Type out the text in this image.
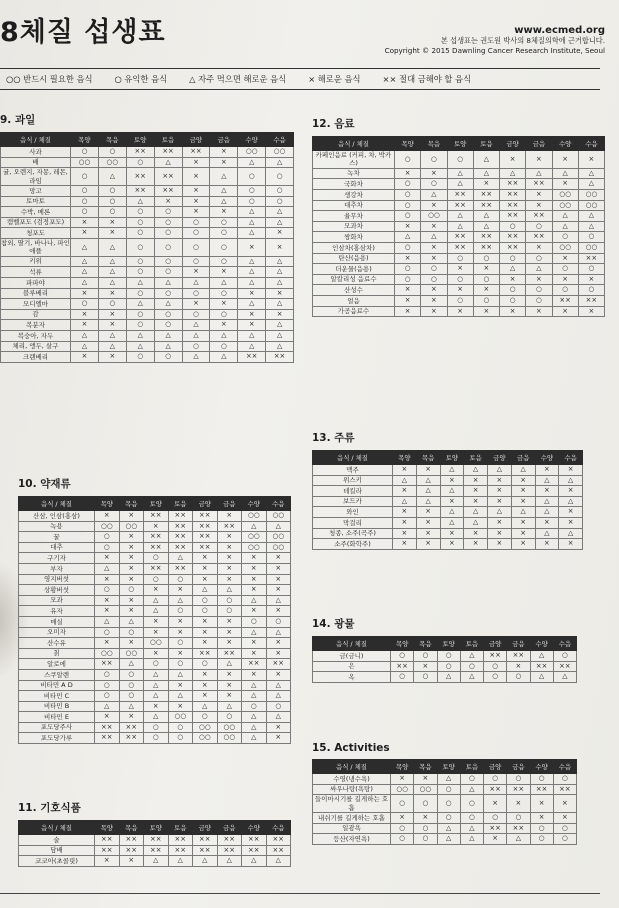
8체질 섭생표	www.ecmed.org
본 섭생표는 권도원 박사의 8체질의학에 근거합니다.
Copyright © 2015 Dawnling Cancer Research Institute, Seoul
○○ 반드시 필요한 음식	○ 유익한 음식	△ 자주 먹으면 해로운 음식	× 해로운 음식	×× 절대 금해야 할 음식
9. 과일
음식 / 체질	목양	목음	토양	토음	금양	금음	수양	수음
사과	○	○	××	××	××	×	○○	○○
배	○○	○○	○	△	×	×	△	△
귤, 오렌지, 자몽, 레몬, 라임	○	△	××	××	×	△	○	○
망고	○	○	××	××	×	△	○	○
토마토	○	○	△	×	×	△	○	○
수박, 메론	○	○	○	○	×	×	△	△
캠벨포도 (검정포도)	×	×	○	○	○	○	△	△
청포도	×	×	○	○	○	○	△	×
참외, 딸기, 바나나, 파인애플	△	△	○	○	○	○	×	×
키위	△	△	○	○	○	○	△	△
석류	△	△	○	○	×	×	△	△
파파야	△	△	△	△	△	△	△	△
블루베리	×	×	○	○	○	○	×	×
모디엘마	○	○	△	△	×	×	△	△
감	×	×	○	○	○	○	×	×
복분자	×	×	○	○	△	×	×	△
복숭아, 자두	△	△	△	△	△	△	△	△
체리, 앵두, 살구	△	△	△	△	○	○	△	△
크랜베리	×	×	○	○	△	△	××	××
10. 약재류
음식 / 체질	목양	목음	토양	토음	금양	금음	수양	수음
산삼, 인삼(홍삼)	×	×	××	××	××	×	○○	○○
녹용	○○	○○	×	××	××	××	△	△
꿀	○	×	××	××	××	×	○○	○○
대추	○	×	××	××	××	×	○○	○○
구기자	×	×	○	△	×	×	×	×
부자	△	×	××	××	×	×	×	×
영지버섯	×	×	○	○	×	×	×	×
상황버섯	○	○	×	×	△	△	×	×
모과	×	×	△	△	○	○	△	△
유자	×	×	△	○	○	○	×	×
매실	△	△	×	×	×	×	○	○
오미자	○	○	×	×	×	×	△	△
산수유	×	×	○○	○	×	×	×	×
칡	○○	○○	×	×	××	××	×	×
알로에	××	△	○	○	○	△	××	××
스쿠알렌	○	○	△	△	×	×	×	×
비타민 A D	○	○	△	×	×	×	△	△
비타민 C	○	○	△	△	×	×	△	△
비타민 B	△	△	×	×	△	△	○	○
비타민 E	×	×	△	○○	○	○	△	△
포도당주사	××	××	○	○	○○	○○	△	×
포도당가루	××	××	○	○	○○	○○	△	×
11. 기호식품
음식 / 체질	목양	목음	토양	토음	금양	금음	수양	수음
술	××	××	××	××	××	××	××	××
담배	××	××	××	××	××	××	××	××
코코아(초콜릿)	×	×	△	△	△	△	△	△
12. 음료
음식 / 체질	목양	목음	토양	토음	금양	금음	수양	수음
카페인음료 (커피, 차, 박카스)	○	○	○	△	×	×	×	×
녹차	×	×	△	△	△	△	△	△
국화차	○	○	△	×	××	××	×	△
생강차	○	△	××	××	××	×	○○	○○
대추차	○	×	××	××	××	×	○○	○○
율무차	○	○○	△	△	××	××	△	△
모과차	×	×	△	△	○	○	△	△
쌍화차	△	△	××	××	××	××	○	○
인삼차(홍삼차)	○	×	××	××	××	×	○○	○○
탄산(음용)	×	×	○	○	○	○	×	××
더운물(음용)	○	○	×	×	△	△	○	○
알칼리성 음료수	○	○	○	○	×	×	×	×
산성수	×	×	×	×	○	○	○	○
얼음	×	×	○	○	○	○	××	××
가공음료수	×	×	×	×	×	×	×	×
13. 주류
음식 / 체질	목양	목음	토양	토음	금양	금음	수양	수음
맥주	×	×	△	△	△	△	×	×
위스키	△	△	×	×	×	×	△	△
데킬라	×	△	△	×	×	×	×	×
보드카	△	△	×	×	×	×	△	△
와인	×	×	△	△	△	△	△	×
막걸리	×	×	△	△	×	×	×	×
청종, 소주(곡주)	×	×	×	×	×	×	△	△
소주(화학주)	×	×	×	×	×	×	×	×
14. 광물
음식 / 체질	목양	목음	토양	토음	금양	금음	수양	수음
금(금니)	○	○	○	△	××	××	△	○
은	××	×	○	○	○	×	××	××
옥	○	○	△	△	○	○	△	△
15. Activities
음식 / 체질	목양	목음	토양	토음	금양	금음	수양	수음
수영(냉수욕)	×	×	△	○	○	○	○	○
싸우나탕(욕탕)	○○	○○	○	△	××	××	××	××
들이마시기를 길게하는 호흡	○	○	○	○	×	×	×	×
내쉬기를 길게하는 호흡	×	×	○	○	○	○	×	×
일광욕	○	○	△	△	××	××	○	○
등산(자연욕)	○	○	△	△	×	△	○	○
